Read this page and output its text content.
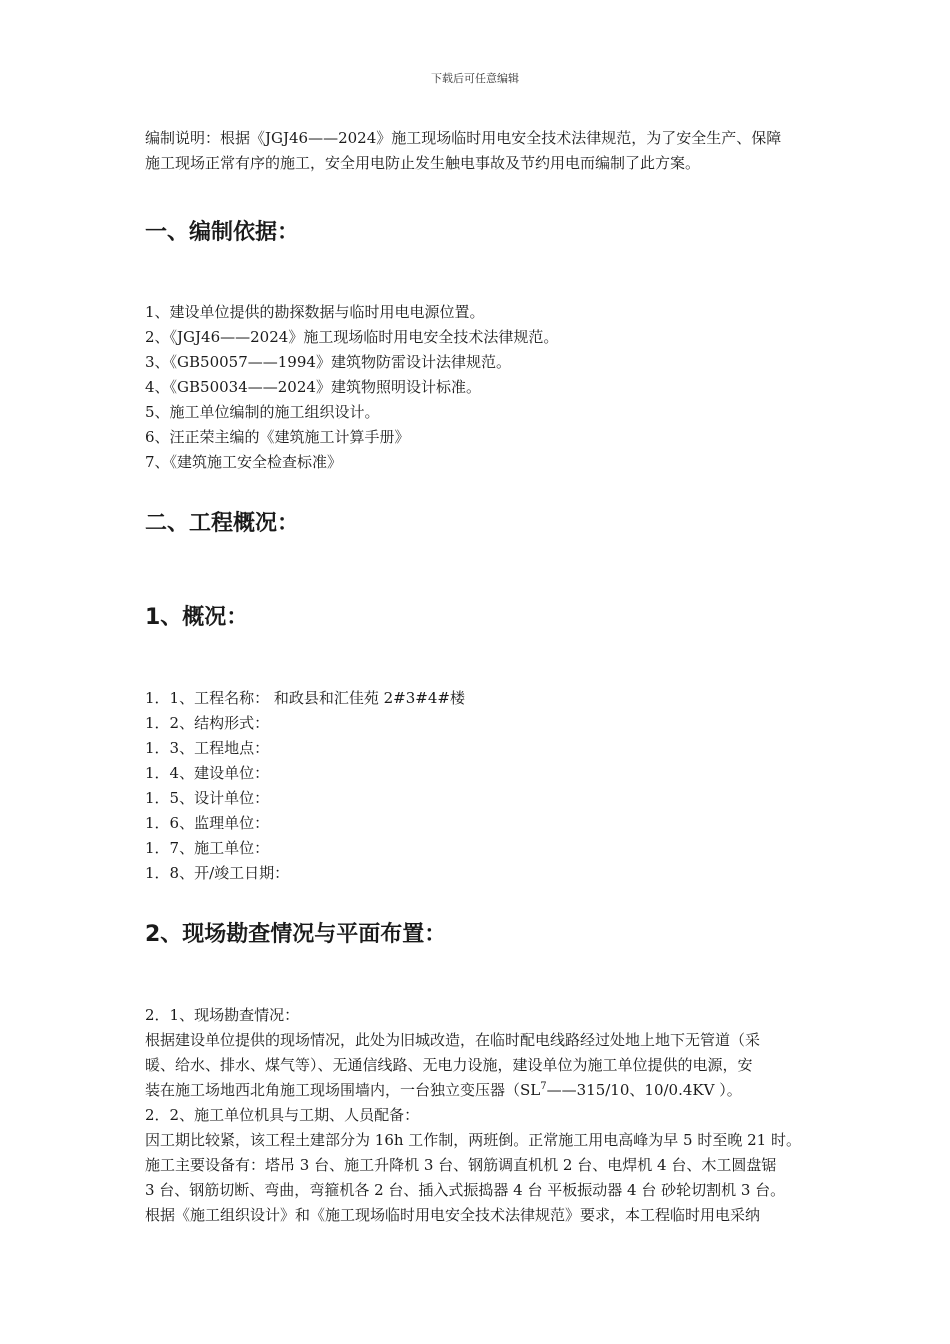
下载后可任意编辑

编制说明：根据《JGJ46——2024》施工现场临时用电安全技术法律规范，为了安全生产、保障

施工现场正常有序的施工，安全用电防止发生触电事故及节约用电而编制了此方案。

一、编制依据：
1、建设单位提供的勘探数据与临时用电电源位置。
2、《JGJ46——2024》施工现场临时用电安全技术法律规范。
3、《GB50057——1994》建筑物防雷设计法律规范。
4、《GB50034——2024》建筑物照明设计标准。
5、施工单位编制的施工组织设计。
6、汪正荣主编的《建筑施工计算手册》
7、《建筑施工安全检查标准》
二、工程概况：
1、概况：
1．1、工程名称： 和政县和汇佳苑 2#3#4#楼
1．2、结构形式：
1．3、工程地点：
1．4、建设单位：
1．5、设计单位：
1．6、监理单位：
1．7、施工单位：
1．8、开/竣工日期：
2、现场勘查情况与平面布置：

2．1、现场勘查情况：

根据建设单位提供的现场情况，此处为旧城改造，在临时配电线路经过处地上地下无管道（采

暖、给水、排水、煤气等）、无通信线路、无电力设施，建设单位为施工单位提供的电源，安

装在施工场地西北角施工现场围墙内，一台独立变压器（$SL^7——315/10$、10/0.4KV ）。

2．2、施工单位机具与工期、人员配备：

因工期比较紧，该工程土建部分为 16h 工作制，两班倒。正常施工用电高峰为早 5 时至晚 21 时。

施工主要设备有：塔吊 3 台、施工升降机 3 台、钢筋调直机机 2 台、电焊机 4 台、木工圆盘锯

3 台、钢筋切断、弯曲，弯箍机各 2 台、插入式振捣器 4 台 平板振动器 4 台 砂轮切割机 3 台。

根据《施工组织设计》和《施工现场临时用电安全技术法律规范》要求，本工程临时用电采纳
